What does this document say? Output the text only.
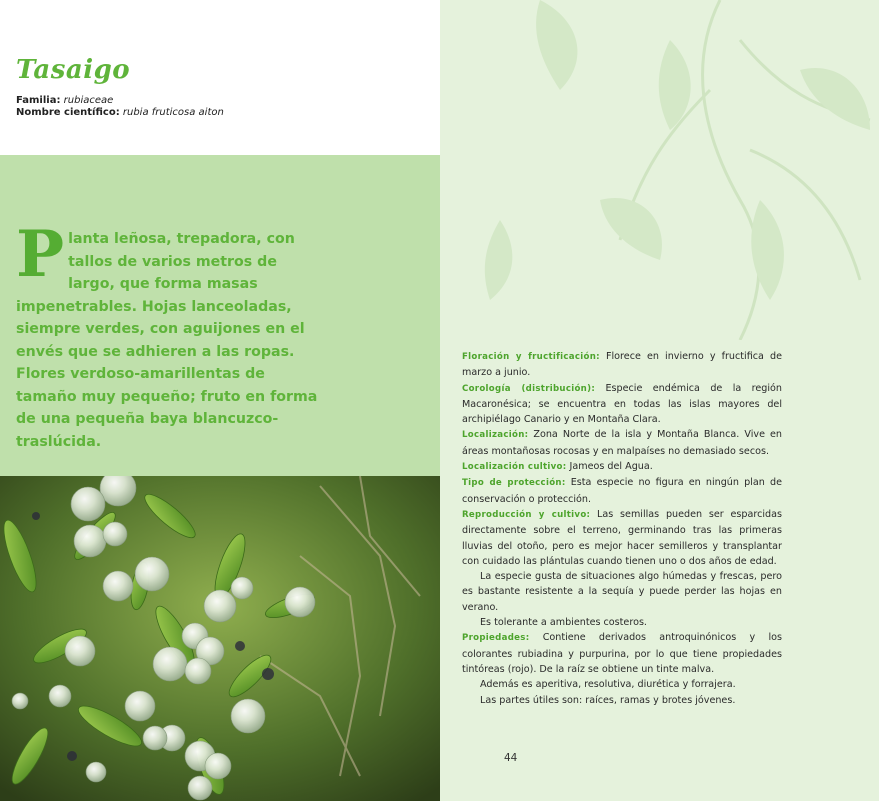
Tasaigo
Familia: rubiaceae
Nombre científico: rubia fruticosa aiton
Planta leñosa, trepadora, con tallos de varios metros de largo, que forma masas impenetrables. Hojas lanceoladas, siempre verdes, con aguijones en el envés que se adhieren a las ropas. Flores verdoso-amarillentas de tamaño muy pequeño; fruto en forma de una pequeña baya blancuzco-traslúcida.

Floración y fructificación: Florece en invierno y fructifica de marzo a junio.

Corología (distribución): Especie endémica de la región Macaronésica; se encuentra en todas las islas mayores del archipiélago Canario y en Montaña Clara.

Localización: Zona Norte de la isla y Montaña Blanca. Vive en áreas montañosas rocosas y en malpaíses no demasiado secos.

Localización cultivo: Jameos del Agua.

Tipo de protección: Esta especie no figura en ningún plan de conservación o protección.

Reproducción y cultivo: Las semillas pueden ser esparcidas directamente sobre el terreno, germinando tras las primeras lluvias del otoño, pero es mejor hacer semilleros y transplantar con cuidado las plántulas cuando tienen uno o dos años de edad.

La especie gusta de situaciones algo húmedas y frescas, pero es bastante resistente a la sequía y puede perder las hojas en verano.

Es tolerante a ambientes costeros.

Propiedades: Contiene derivados antroquinónicos y los colorantes rubiadina y purpurina, por lo que tiene propiedades tintóreas (rojo). De la raíz se obtiene un tinte malva.

Además es aperitiva, resolutiva, diurética y forrajera.

Las partes útiles son: raíces, ramas y brotes jóvenes.

44
